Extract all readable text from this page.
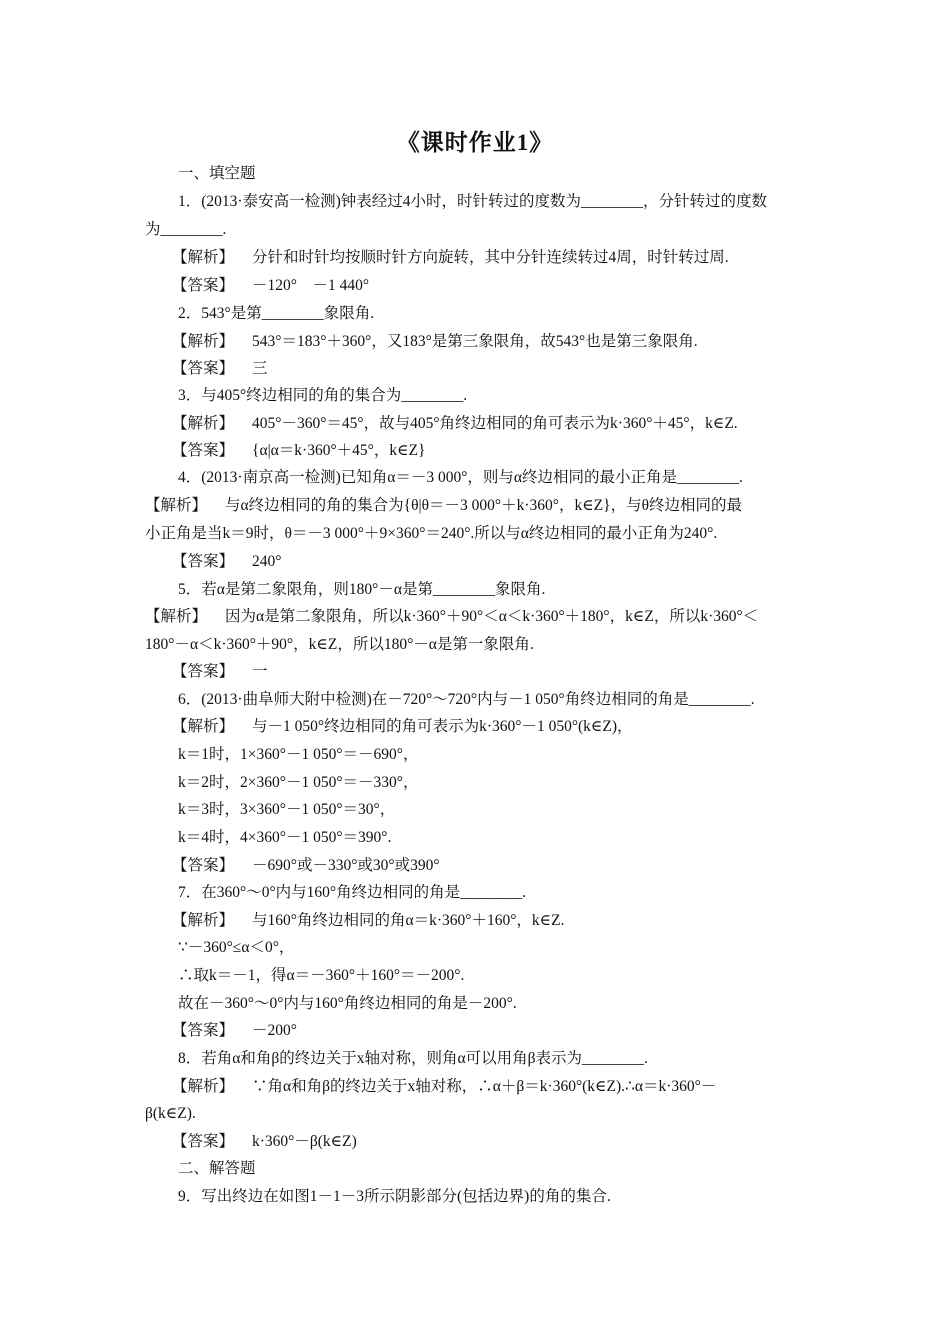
《课时作业1》
一、填空题
1．(2013·泰安高一检测)钟表经过4小时，时针转过的度数为________，分针转过的度数
为________.
【解析】 分针和时针均按顺时针方向旋转，其中分针连续转过4周，时针转过周.
【答案】 －120°　－1 440°
2．543°是第________象限角.
【解析】 543°＝183°＋360°，又183°是第三象限角，故543°也是第三象限角.
【答案】 三
3．与405°终边相同的角的集合为________.
【解析】 405°－360°＝45°，故与405°角终边相同的角可表示为k·360°＋45°，k∈Z.
【答案】 {α|α＝k·360°＋45°，k∈Z}
4．(2013·南京高一检测)已知角α＝－3 000°，则与α终边相同的最小正角是________.
【解析】 与α终边相同的角的集合为{θ|θ＝－3 000°＋k·360°，k∈Z}，与θ终边相同的最
小正角是当k＝9时，θ＝－3 000°＋9×360°＝240°.所以与α终边相同的最小正角为240°.
【答案】 240°
5．若α是第二象限角，则180°－α是第________象限角.
【解析】 因为α是第二象限角，所以k·360°＋90°＜α＜k·360°＋180°，k∈Z，所以k·360°＜
180°－α＜k·360°＋90°，k∈Z，所以180°－α是第一象限角.
【答案】 一
6．(2013·曲阜师大附中检测)在－720°～720°内与－1 050°角终边相同的角是________.
【解析】 与－1 050°终边相同的角可表示为k·360°－1 050°(k∈Z)，
k＝1时，1×360°－1 050°＝－690°，
k＝2时，2×360°－1 050°＝－330°，
k＝3时，3×360°－1 050°＝30°，
k＝4时，4×360°－1 050°＝390°.
【答案】 －690°或－330°或30°或390°
7．在360°～0°内与160°角终边相同的角是________.
【解析】 与160°角终边相同的角α＝k·360°＋160°，k∈Z.
∵－360°≤α＜0°，
∴取k＝－1，得α＝－360°＋160°＝－200°.
故在－360°～0°内与160°角终边相同的角是－200°.
【答案】 －200°
8．若角α和角β的终边关于x轴对称，则角α可以用角β表示为________.
【解析】 ∵角α和角β的终边关于x轴对称，∴α＋β＝k·360°(k∈Z).∴α＝k·360°－
β(k∈Z).
【答案】 k·360°－β(k∈Z)
二、解答题
9．写出终边在如图1－1－3所示阴影部分(包括边界)的角的集合.
